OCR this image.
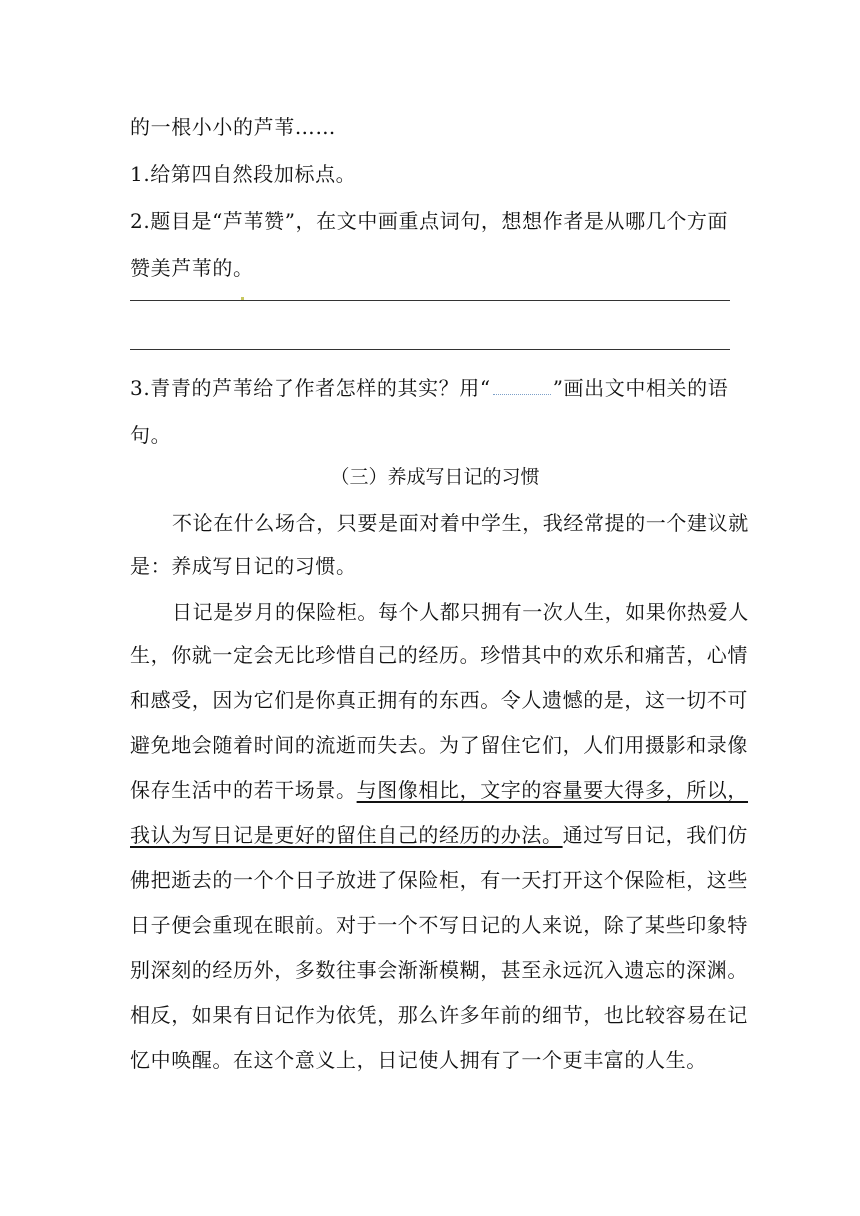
的一根小小的芦苇……
1.给第四自然段加标点。
2.题目是“芦苇赞”，在文中画重点词句，想想作者是从哪几个方面
赞美芦苇的。
3.青青的芦苇给了作者怎样的其实？用“	”画出文中相关的语
句。
（三）养成写日记的习惯
不论在什么场合，只要是面对着中学生，我经常提的一个建议就
是：养成写日记的习惯。
日记是岁月的保险柜。每个人都只拥有一次人生，如果你热爱人
生，你就一定会无比珍惜自己的经历。珍惜其中的欢乐和痛苦，心情
和感受，因为它们是你真正拥有的东西。令人遗憾的是，这一切不可
避免地会随着时间的流逝而失去。为了留住它们，人们用摄影和录像
保存生活中的若干场景。与图像相比，文字的容量要大得多，所以，
我认为写日记是更好的留住自己的经历的办法。通过写日记，我们仿
佛把逝去的一个个日子放进了保险柜，有一天打开这个保险柜，这些
日子便会重现在眼前。对于一个不写日记的人来说，除了某些印象特
别深刻的经历外，多数往事会渐渐模糊，甚至永远沉入遗忘的深渊。
相反，如果有日记作为依凭，那么许多年前的细节，也比较容易在记
忆中唤醒。在这个意义上，日记使人拥有了一个更丰富的人生。
